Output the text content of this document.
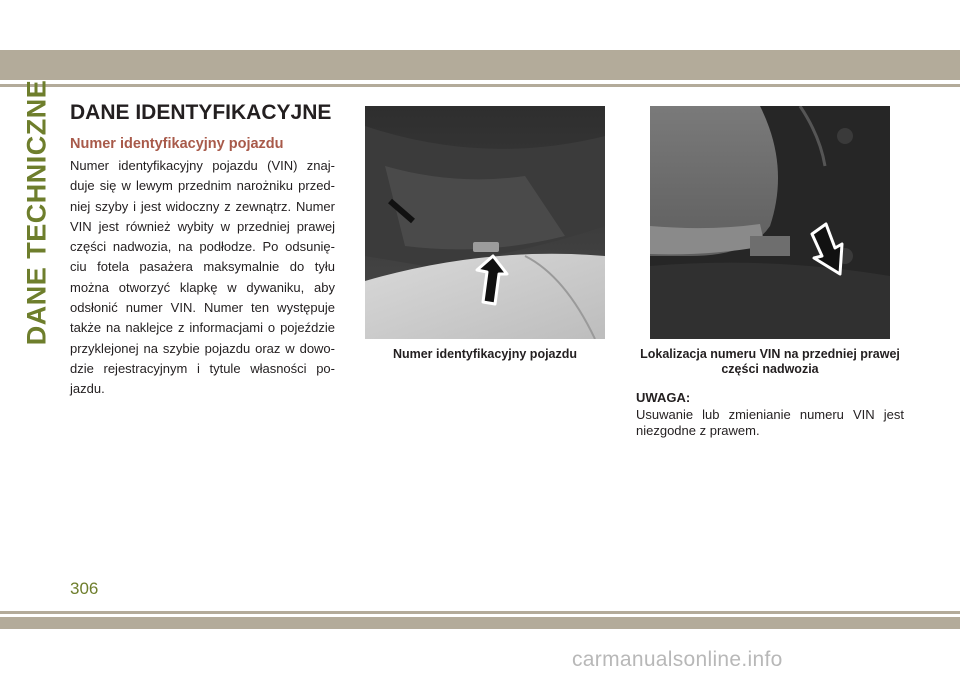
DANE TECHNICZNE DANE IDENTYFIKACYJNE
Numer identyfikacyjny pojazdu

Numer identyfikacyjny pojazdu (VIN) znaj-duje się w lewym przednim narożniku przed-niej szyby i jest widoczny z zewnątrz. Numer VIN jest również wybity w przedniej prawej części nadwozia, na podłodze. Po odsunię-ciu fotela pasażera maksymalnie do tyłu można otworzyć klapkę w dywaniku, aby odsłonić numer VIN. Numer ten występuje także na naklejce z informacjami o pojeździe przyklejonej na szybie pojazdu oraz w dowo-dzie rejestracyjnym i tytule własności po-jazdu.

Numer identyfikacyjny pojazdu	Lokalizacja numeru VIN na przedniej prawej części nadwozia

UWAGA:

Usuwanie lub zmienianie numeru VIN jest niezgodne z prawem.

306

carmanualsonline.info
